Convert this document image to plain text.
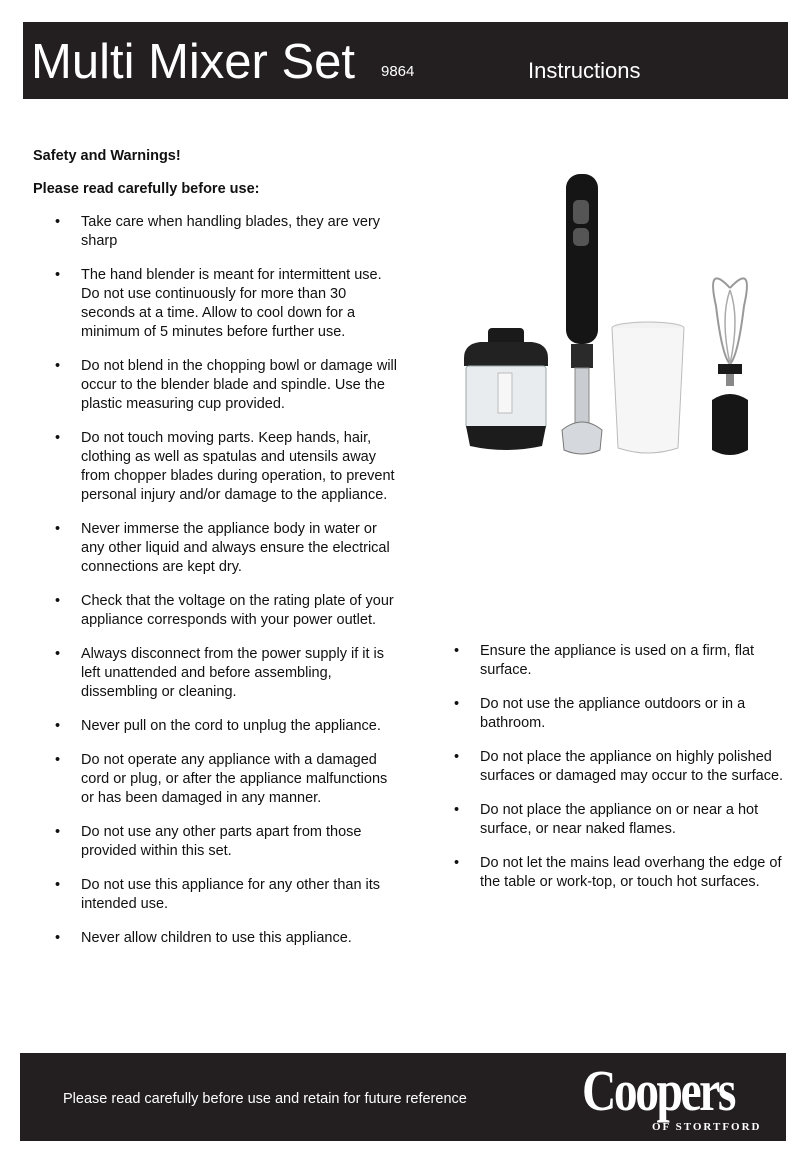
Multi Mixer Set 9864	Instructions
Safety and Warnings!
Please read carefully before use:
• Take care when handling blades, they are very sharp
• The hand blender is meant for intermittent use. Do not use continuously for more than 30 seconds at a time. Allow to cool down for a minimum of 5 minutes before further use.
• Do not blend in the chopping bowl or damage will occur to the blender blade and spindle. Use the plastic measuring cup provided.
• Do not touch moving parts. Keep hands, hair, clothing as well as spatulas and utensils away from chopper blades during operation, to prevent personal injury and/or damage to the appliance.
• Never immerse the appliance body in water or any other liquid and always ensure the electrical connections are kept dry.
• Check that the voltage on the rating plate of your appliance corresponds with your power outlet.
• Always disconnect from the power supply if it is left unattended and before assembling, dissembling or cleaning.
• Never pull on the cord to unplug the appliance.
• Do not operate any appliance with a damaged cord or plug, or after the appliance malfunctions or has been damaged in any manner.
• Do not use any other parts apart from those provided within this set.
• Do not use this appliance for any other than its intended use.
• Never allow children to use this appliance.
• Ensure the appliance is used on a firm, flat surface.
• Do not use the appliance outdoors or in a bathroom.
• Do not place the appliance on highly polished surfaces or damaged may occur to the surface.
• Do not place the appliance on or near a hot surface, or near naked flames.
• Do not let the mains lead overhang the edge of the table or work-top, or touch hot surfaces.
Please read carefully before use and retain for future reference Coopers
OF STORTFORD
